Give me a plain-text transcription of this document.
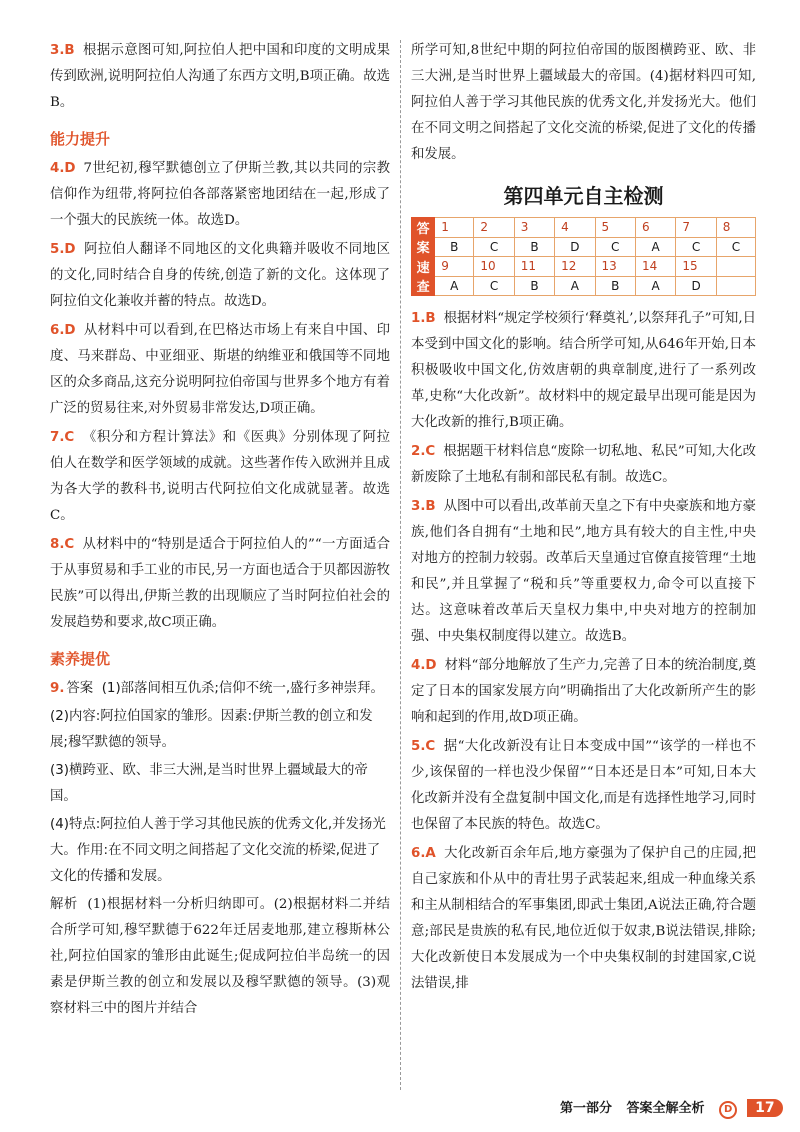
3.B 根据示意图可知,阿拉伯人把中国和印度的文明成果传到欧洲,说明阿拉伯人沟通了东西方文明,B项正确。故选B。

能力提升

4.D 7世纪初,穆罕默德创立了伊斯兰教,其以共同的宗教信仰作为纽带,将阿拉伯各部落紧密地团结在一起,形成了一个强大的民族统一体。故选D。

5.D 阿拉伯人翻译不同地区的文化典籍并吸收不同地区的文化,同时结合自身的传统,创造了新的文化。这体现了阿拉伯文化兼收并蓄的特点。故选D。

6.D 从材料中可以看到,在巴格达市场上有来自中国、印度、马来群岛、中亚细亚、斯堪的纳维亚和俄国等不同地区的众多商品,这充分说明阿拉伯帝国与世界多个地方有着广泛的贸易往来,对外贸易非常发达,D项正确。

7.C 《积分和方程计算法》和《医典》分别体现了阿拉伯人在数学和医学领域的成就。这些著作传入欧洲并且成为各大学的教科书,说明古代阿拉伯文化成就显著。故选C。

8.C 从材料中的“特别是适合于阿拉伯人的”“一方面适合于从事贸易和手工业的市民,另一方面也适合于贝都因游牧民族”可以得出,伊斯兰教的出现顺应了当时阿拉伯社会的发展趋势和要求,故C项正确。

素养提优

9. 答案 (1)部落间相互仇杀;信仰不统一,盛行多神崇拜。

(2)内容:阿拉伯国家的雏形。因素:伊斯兰教的创立和发展;穆罕默德的领导。

(3)横跨亚、欧、非三大洲,是当时世界上疆域最大的帝国。

(4)特点:阿拉伯人善于学习其他民族的优秀文化,并发扬光大。作用:在不同文明之间搭起了文化交流的桥梁,促进了文化的传播和发展。

解析 (1)根据材料一分析归纳即可。(2)根据材料二并结合所学可知,穆罕默德于622年迁居麦地那,建立穆斯林公社,阿拉伯国家的雏形由此诞生;促成阿拉伯半岛统一的因素是伊斯兰教的创立和发展以及穆罕默德的领导。(3)观察材料三中的图片并结合

所学可知,8世纪中期的阿拉伯帝国的版图横跨亚、欧、非三大洲,是当时世界上疆域最大的帝国。(4)据材料四可知,阿拉伯人善于学习其他民族的优秀文化,并发扬光大。他们在不同文明之间搭起了文化交流的桥梁,促进了文化的传播和发展。

第四单元自主检测
答案	1	2	3	4	5	6	7	8
	B	C	B	D	C	A	C	C
速查	9	10	11	12	13	14	15	
	A	C	B	A	B	A	D	

1.B 根据材料“规定学校须行‘释奠礼’,以祭拜孔子”可知,日本受到中国文化的影响。结合所学可知,从646年开始,日本积极吸收中国文化,仿效唐朝的典章制度,进行了一系列改革,史称“大化改新”。故材料中的规定最早出现可能是因为大化改新的推行,B项正确。

2.C 根据题干材料信息“废除一切私地、私民”可知,大化改新废除了土地私有制和部民私有制。故选C。

3.B 从图中可以看出,改革前天皇之下有中央豪族和地方豪族,他们各自拥有“土地和民”,地方具有较大的自主性,中央对地方的控制力较弱。改革后天皇通过官僚直接管理“土地和民”,并且掌握了“税和兵”等重要权力,命令可以直接下达。这意味着改革后天皇权力集中,中央对地方的控制加强、中央集权制度得以建立。故选B。

4.D 材料“部分地解放了生产力,完善了日本的统治制度,奠定了日本的国家发展方向”明确指出了大化改新所产生的影响和起到的作用,故D项正确。

5.C 据“大化改新没有让日本变成中国”“该学的一样也不少,该保留的一样也没少保留”“日本还是日本”可知,日本大化改新并没有全盘复制中国文化,而是有选择性地学习,同时也保留了本民族的特色。故选C。

6.A 大化改新百余年后,地方豪强为了保护自己的庄园,把自己家族和仆从中的青壮男子武装起来,组成一种血缘关系和主从制相结合的军事集团,即武士集团,A说法正确,符合题意;部民是贵族的私有民,地位近似于奴隶,B说法错误,排除;大化改新使日本发展成为一个中央集权制的封建国家,C说法错误,排

第一部分 答案全解全析 D 17
